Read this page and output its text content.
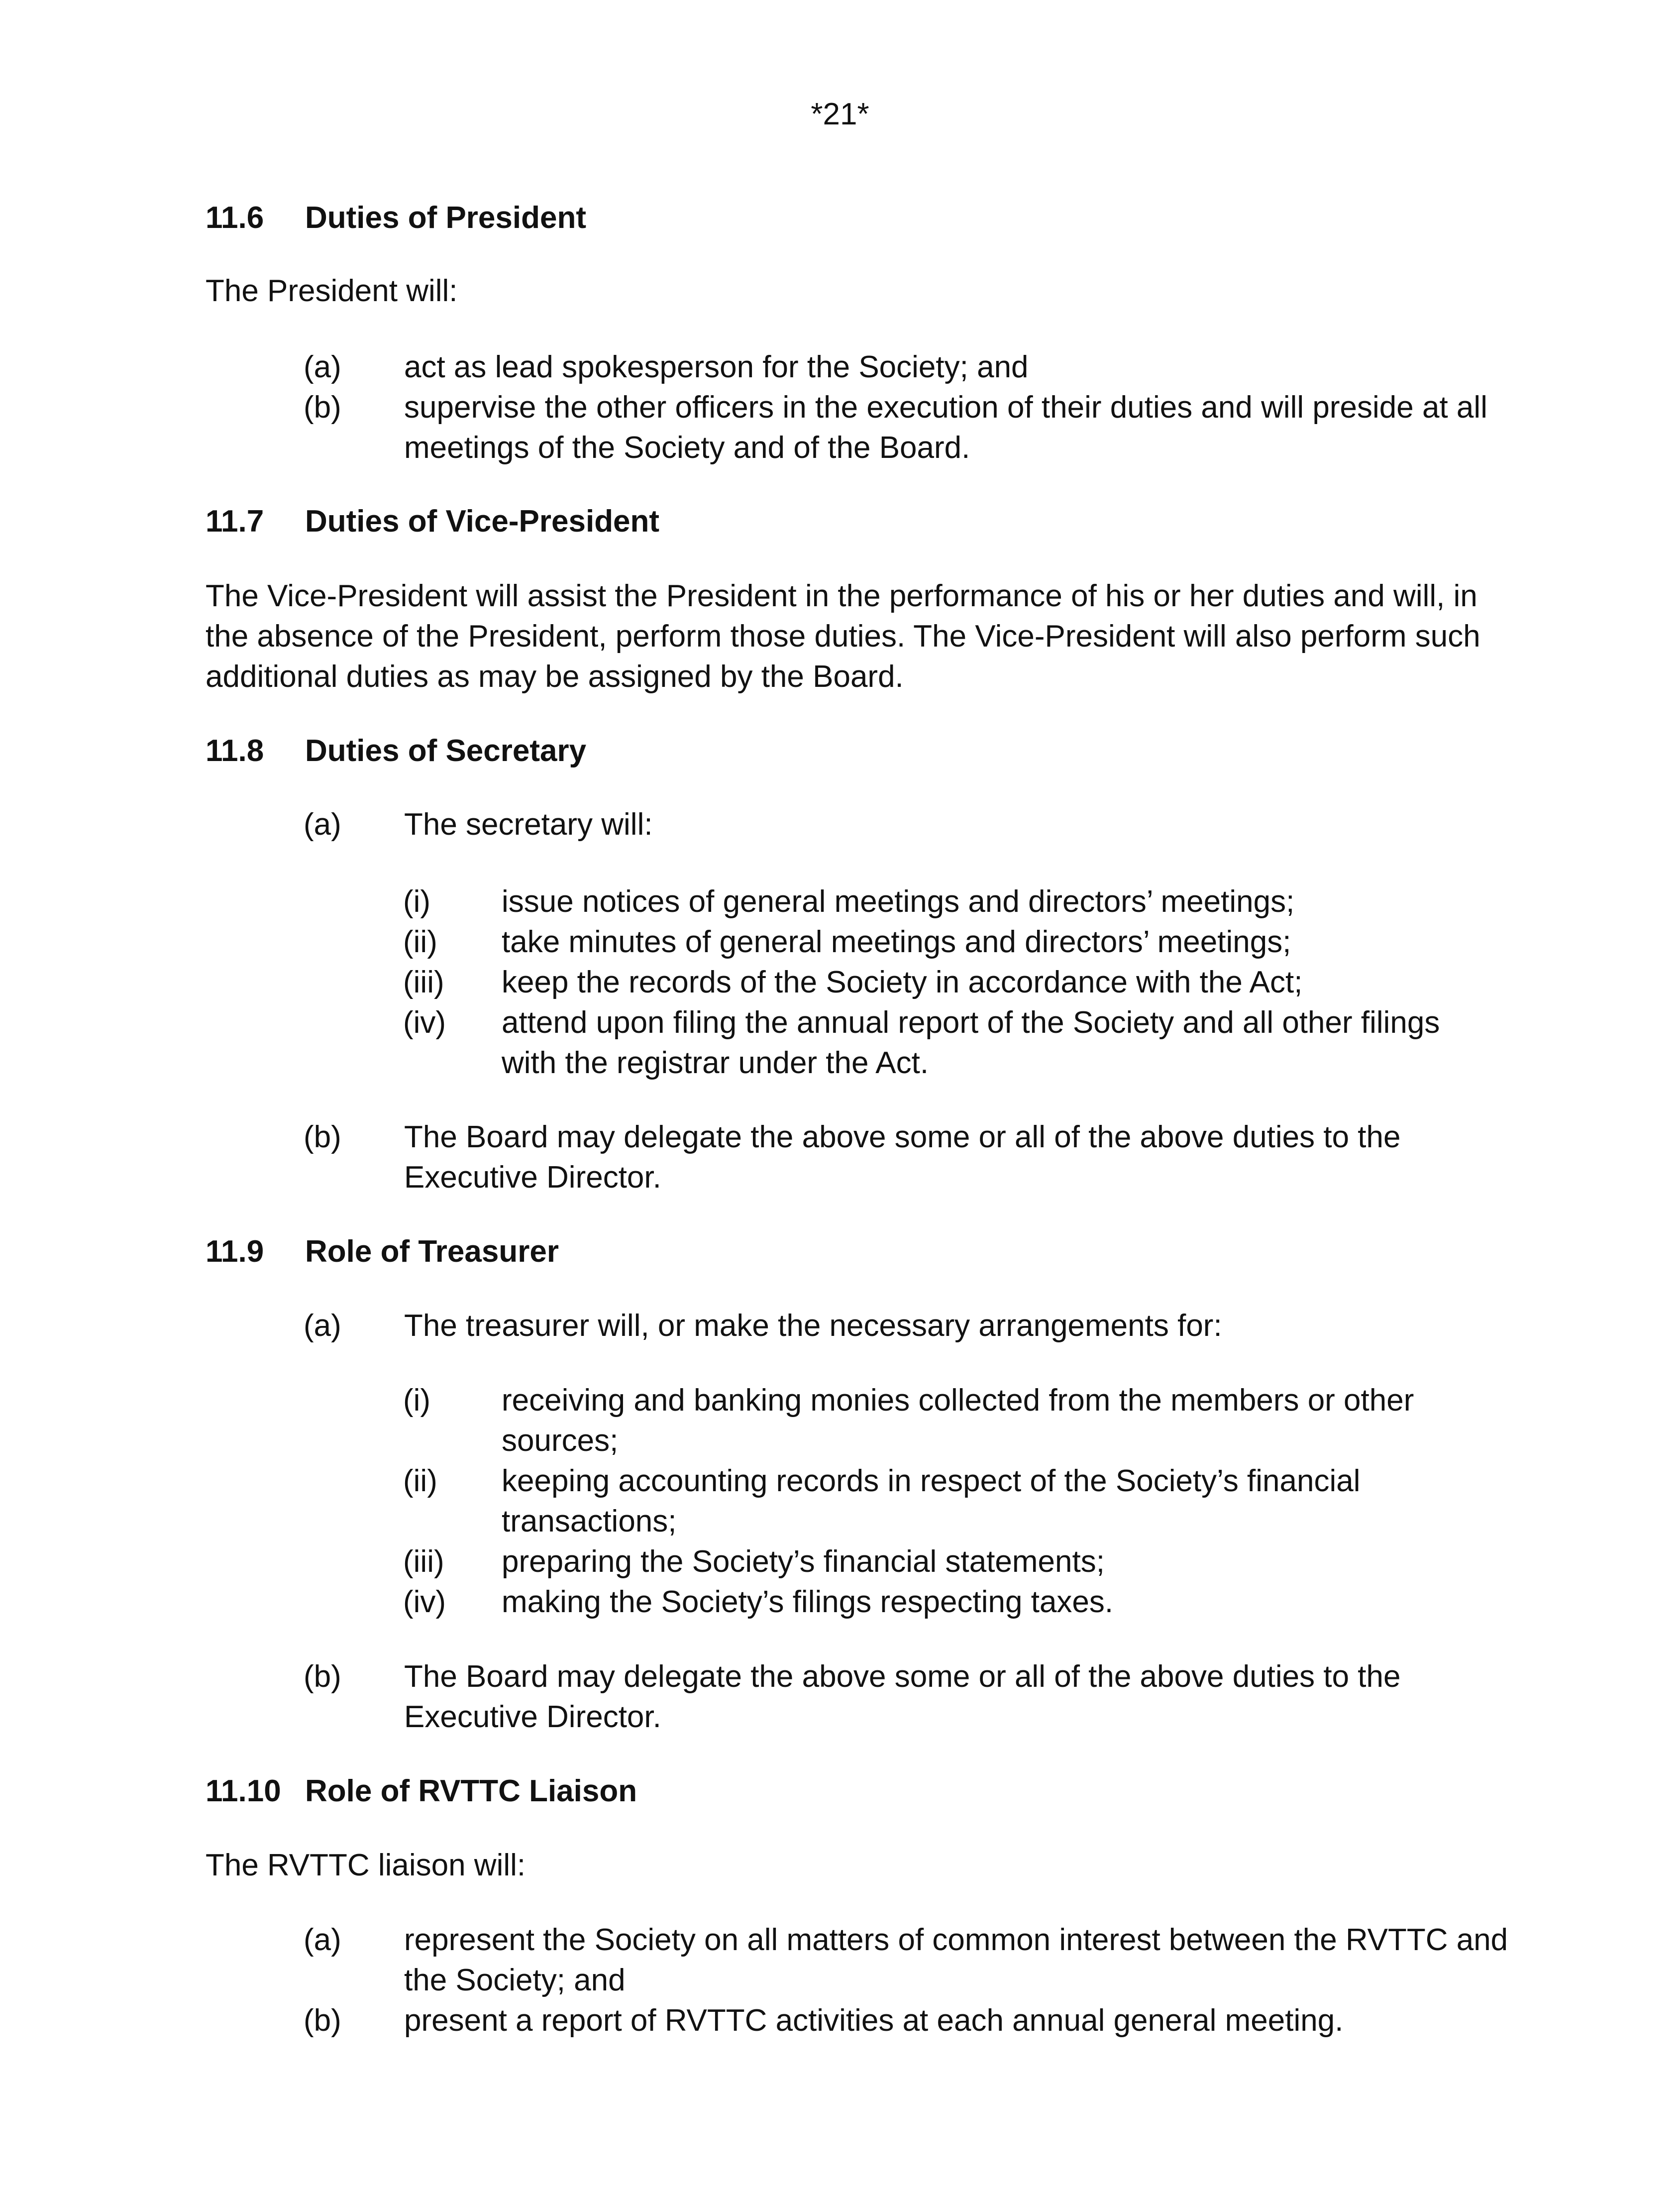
*21*
11.6 Duties of President
The President will:
(a) act as lead spokesperson for the Society; and
(b) supervise the other officers in the execution of their duties and will preside at all
meetings of the Society and of the Board.
11.7 Duties of Vice-President
The Vice-President will assist the President in the performance of his or her duties and will, in
the absence of the President, perform those duties. The Vice-President will also perform such
additional duties as may be assigned by the Board.
11.8 Duties of Secretary
(a) The secretary will:
(i) issue notices of general meetings and directors’ meetings;
(ii) take minutes of general meetings and directors’ meetings;
(iii) keep the records of the Society in accordance with the Act;
(iv) attend upon filing the annual report of the Society and all other filings
with the registrar under the Act.
(b) The Board may delegate the above some or all of the above duties to the
Executive Director.
11.9 Role of Treasurer
(a) The treasurer will, or make the necessary arrangements for:
(i) receiving and banking monies collected from the members or other
sources;
(ii) keeping accounting records in respect of the Society’s financial
transactions;
(iii) preparing the Society’s financial statements;
(iv) making the Society’s filings respecting taxes.
(b) The Board may delegate the above some or all of the above duties to the
Executive Director.
11.10 Role of RVTTC Liaison
The RVTTC liaison will:
(a) represent the Society on all matters of common interest between the RVTTC and
the Society; and
(b) present a report of RVTTC activities at each annual general meeting.
